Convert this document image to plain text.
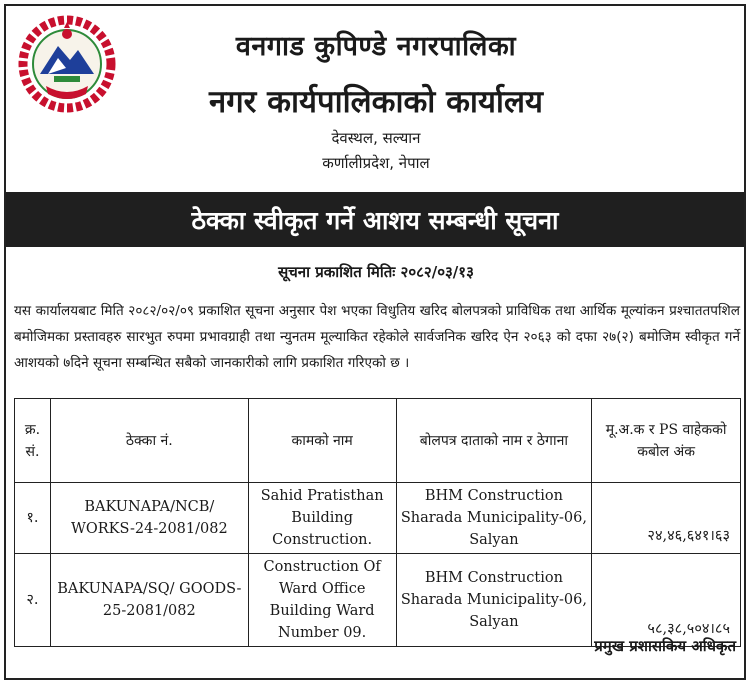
वनगाड कुपिण्डे नगरपालिका
नगर कार्यपालिकाको कार्यालय
देवस्थल, सल्यान
कर्णालीप्रदेश, नेपाल
ठेक्का स्वीकृत गर्ने आशय सम्बन्धी सूचना
सूचना प्रकाशित मितिः २०८२/०३/१३
यस कार्यालयबाट मिति २०८२/०२/०९ प्रकाशित सूचना अनुसार पेश भएका विधुतिय खरिद बोलपत्रको प्राविधिक तथा आर्थिक मूल्यांकन प्रश्चाततपशिल बमोजिमका प्रस्तावहरु सारभुत रुपमा प्रभावग्राही तथा न्युनतम मूल्याकित रहेकोले सार्वजनिक खरिद ऐन २०६३ को दफा २७(२) बमोजिम स्वीकृत गर्ने आशयको ७दिने सूचना सम्बन्धित सबैको जानकारीको लागि प्रकाशित गरिएको छ ।
क्र. सं.	ठेक्का नं.	कामको नाम	बोलपत्र दाताको नाम र ठेगाना	मू.अ.क र PS वाहेकको कबोल अंक
१.	BAKUNAPA/NCB/ WORKS-24-2081/082	Sahid Pratisthan Building Construction.	BHM Construction Sharada Municipality-06, Salyan	२४,४६,६४१।६३
२.	BAKUNAPA/SQ/ GOODS-25-2081/082	Construction Of Ward Office Building Ward Number 09.	BHM Construction Sharada Municipality-06, Salyan	५८,३८,५०४।८५
प्रमुख प्रशासकिय अधिकृत
